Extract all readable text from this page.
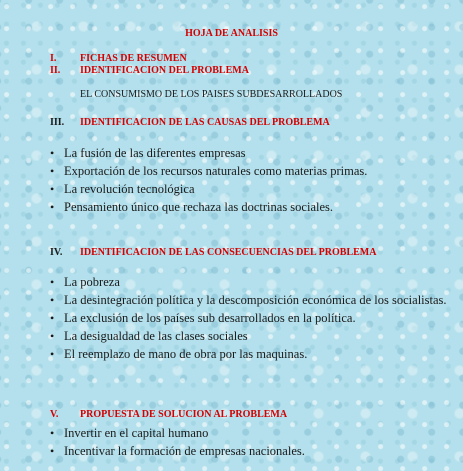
HOJA DE ANALISIS
I. FICHAS DE RESUMEN
II. IDENTIFICACION DEL PROBLEMA
EL CONSUMISMO DE LOS PAISES SUBDESARROLLADOS
III. IDENTIFICACION DE LAS CAUSAS DEL PROBLEMA
• La fusión de las diferentes empresas
• Exportación de los recursos naturales como materias primas.
• La revolución tecnológica
• Pensamiento único que rechaza las doctrinas sociales.
IV. IDENTIFICACION DE LAS CONSECUENCIAS DEL PROBLEMA
• La pobreza
• La desintegración política y la descomposición económica de los socialistas.
• La exclusión de los países sub desarrollados en la política.
• La desigualdad de las clases sociales
• El reemplazo de mano de obra por las maquinas.
V. PROPUESTA DE SOLUCION AL PROBLEMA
• Invertir en el capital humano
• Incentivar la formación de empresas nacionales.
